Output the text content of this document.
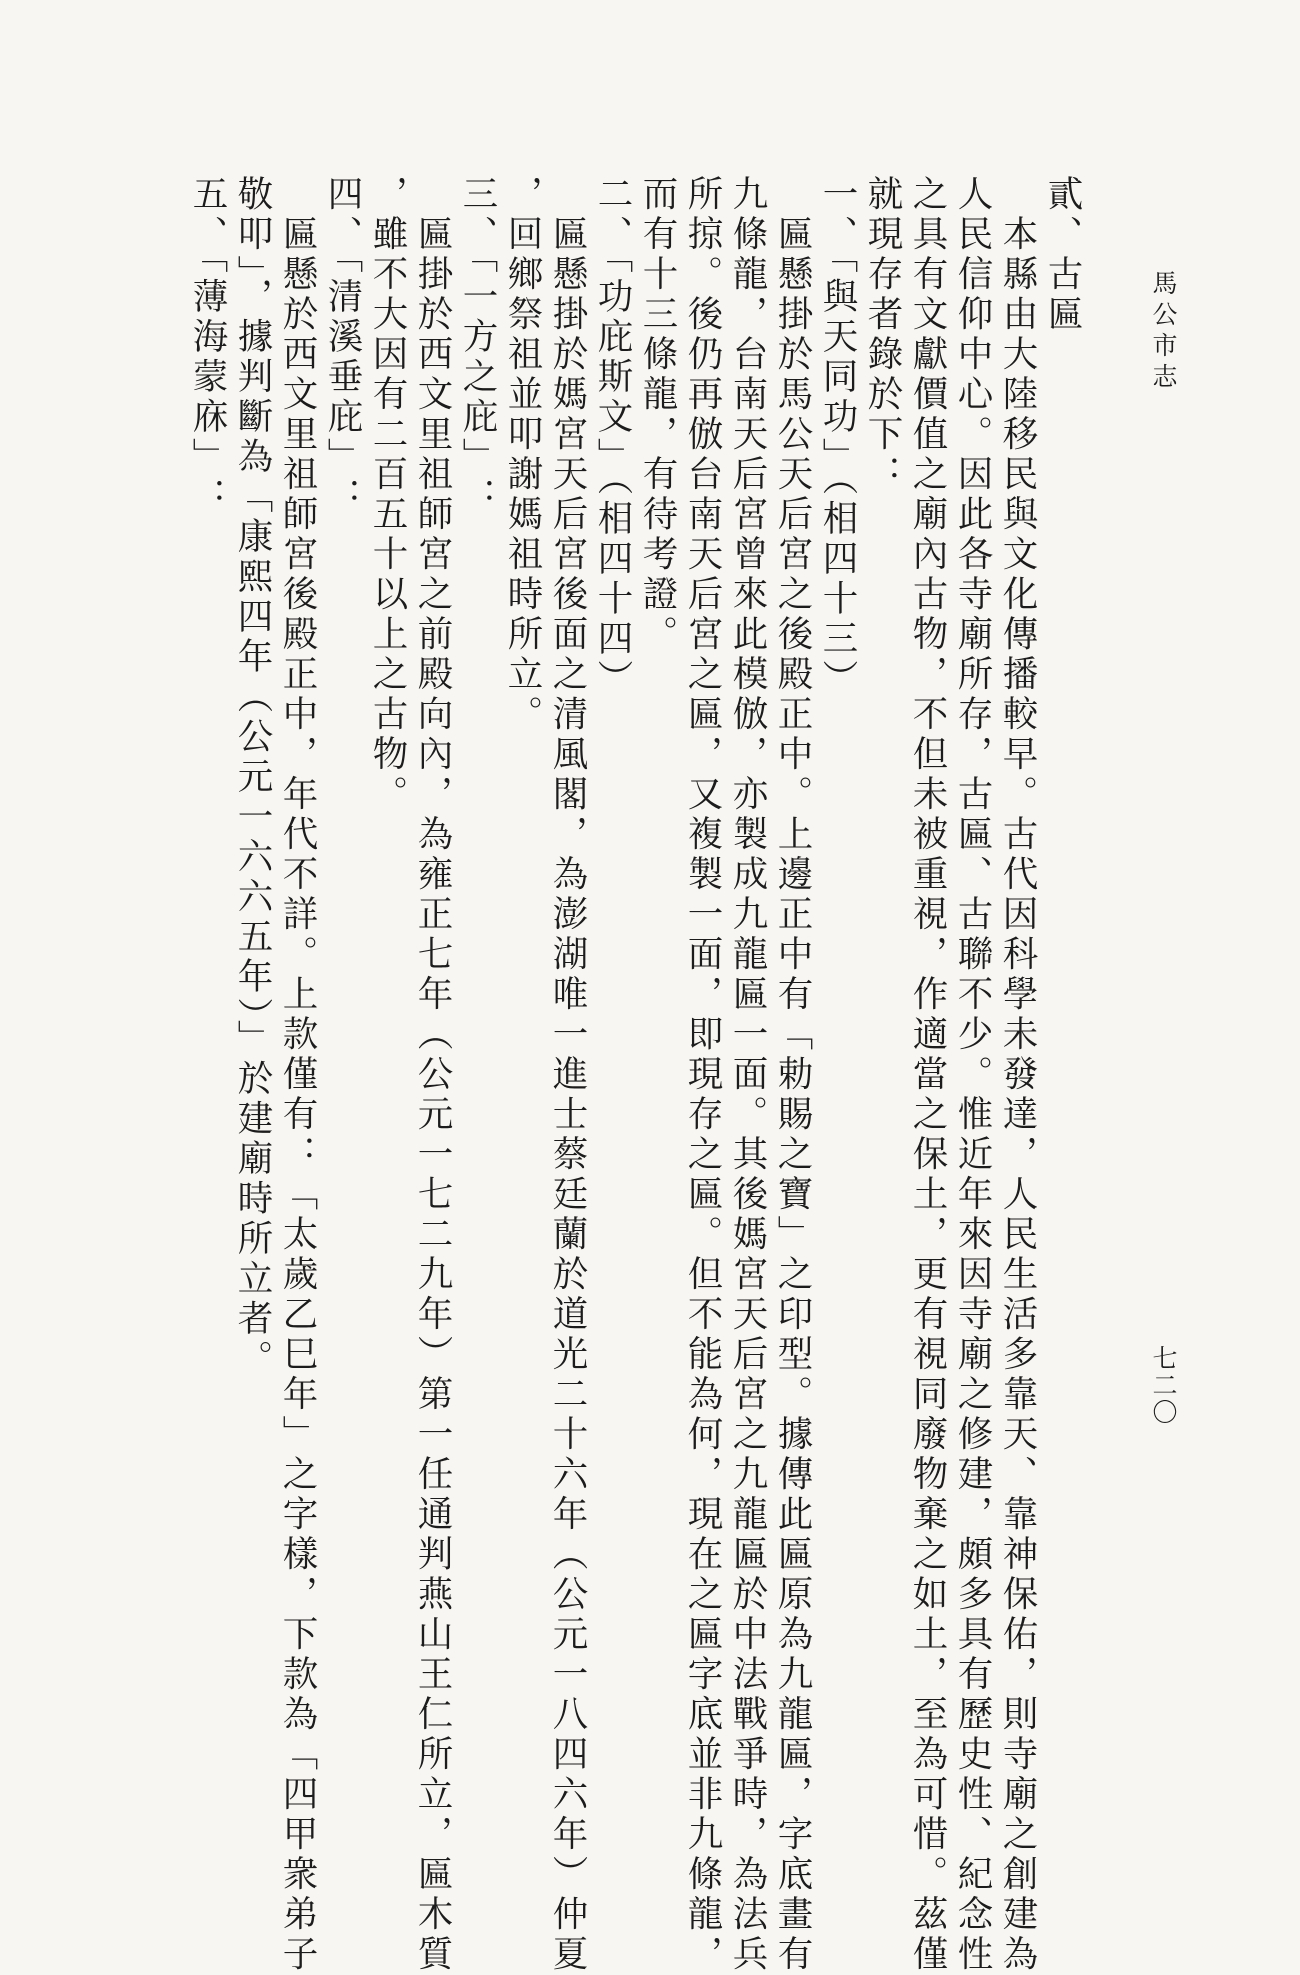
馬公市志
七二〇

貳、古匾

　本縣由大陸移民與文化傳播較早。古代因科學未發達，人民生活多靠天、靠神保佑，則寺廟之創建為

人民信仰中心。因此各寺廟所存，古匾、古聯不少。惟近年來因寺廟之修建，頗多具有歷史性、紀念性

之具有文獻價值之廟內古物，不但未被重視，作適當之保土，更有視同廢物棄之如土，至為可惜。茲僅

就現存者錄於下：

一、「與天同功」（相四十三）

　匾懸掛於馬公天后宮之後殿正中。上邊正中有「勅賜之寶」之印型。據傳此匾原為九龍匾，字底畫有

九條龍，台南天后宮曾來此模倣，亦製成九龍匾一面。其後媽宮天后宮之九龍匾於中法戰爭時，為法兵

所掠。後仍再倣台南天后宮之匾，又複製一面，即現存之匾。但不能為何，現在之匾字底並非九條龍，

而有十三條龍，有待考證。

二、「功庇斯文」（相四十四）

　匾懸掛於媽宮天后宮後面之清風閣，為澎湖唯一進士蔡廷蘭於道光二十六年（公元一八四六年）仲夏

，回鄉祭祖並叩謝媽祖時所立。

三、「一方之庇」：

　匾掛於西文里祖師宮之前殿向內，為雍正七年（公元一七二九年）第一任通判燕山王仁所立，匾木質

，雖不大因有二百五十以上之古物。

四、「清溪垂庇」：

　匾懸於西文里祖師宮後殿正中，年代不詳。上款僅有：「太歲乙巳年」之字樣，下款為「四甲衆弟子

敬叩」，據判斷為「康熙四年（公元一六六五年）」於建廟時所立者。

五、「薄海蒙庥」：
